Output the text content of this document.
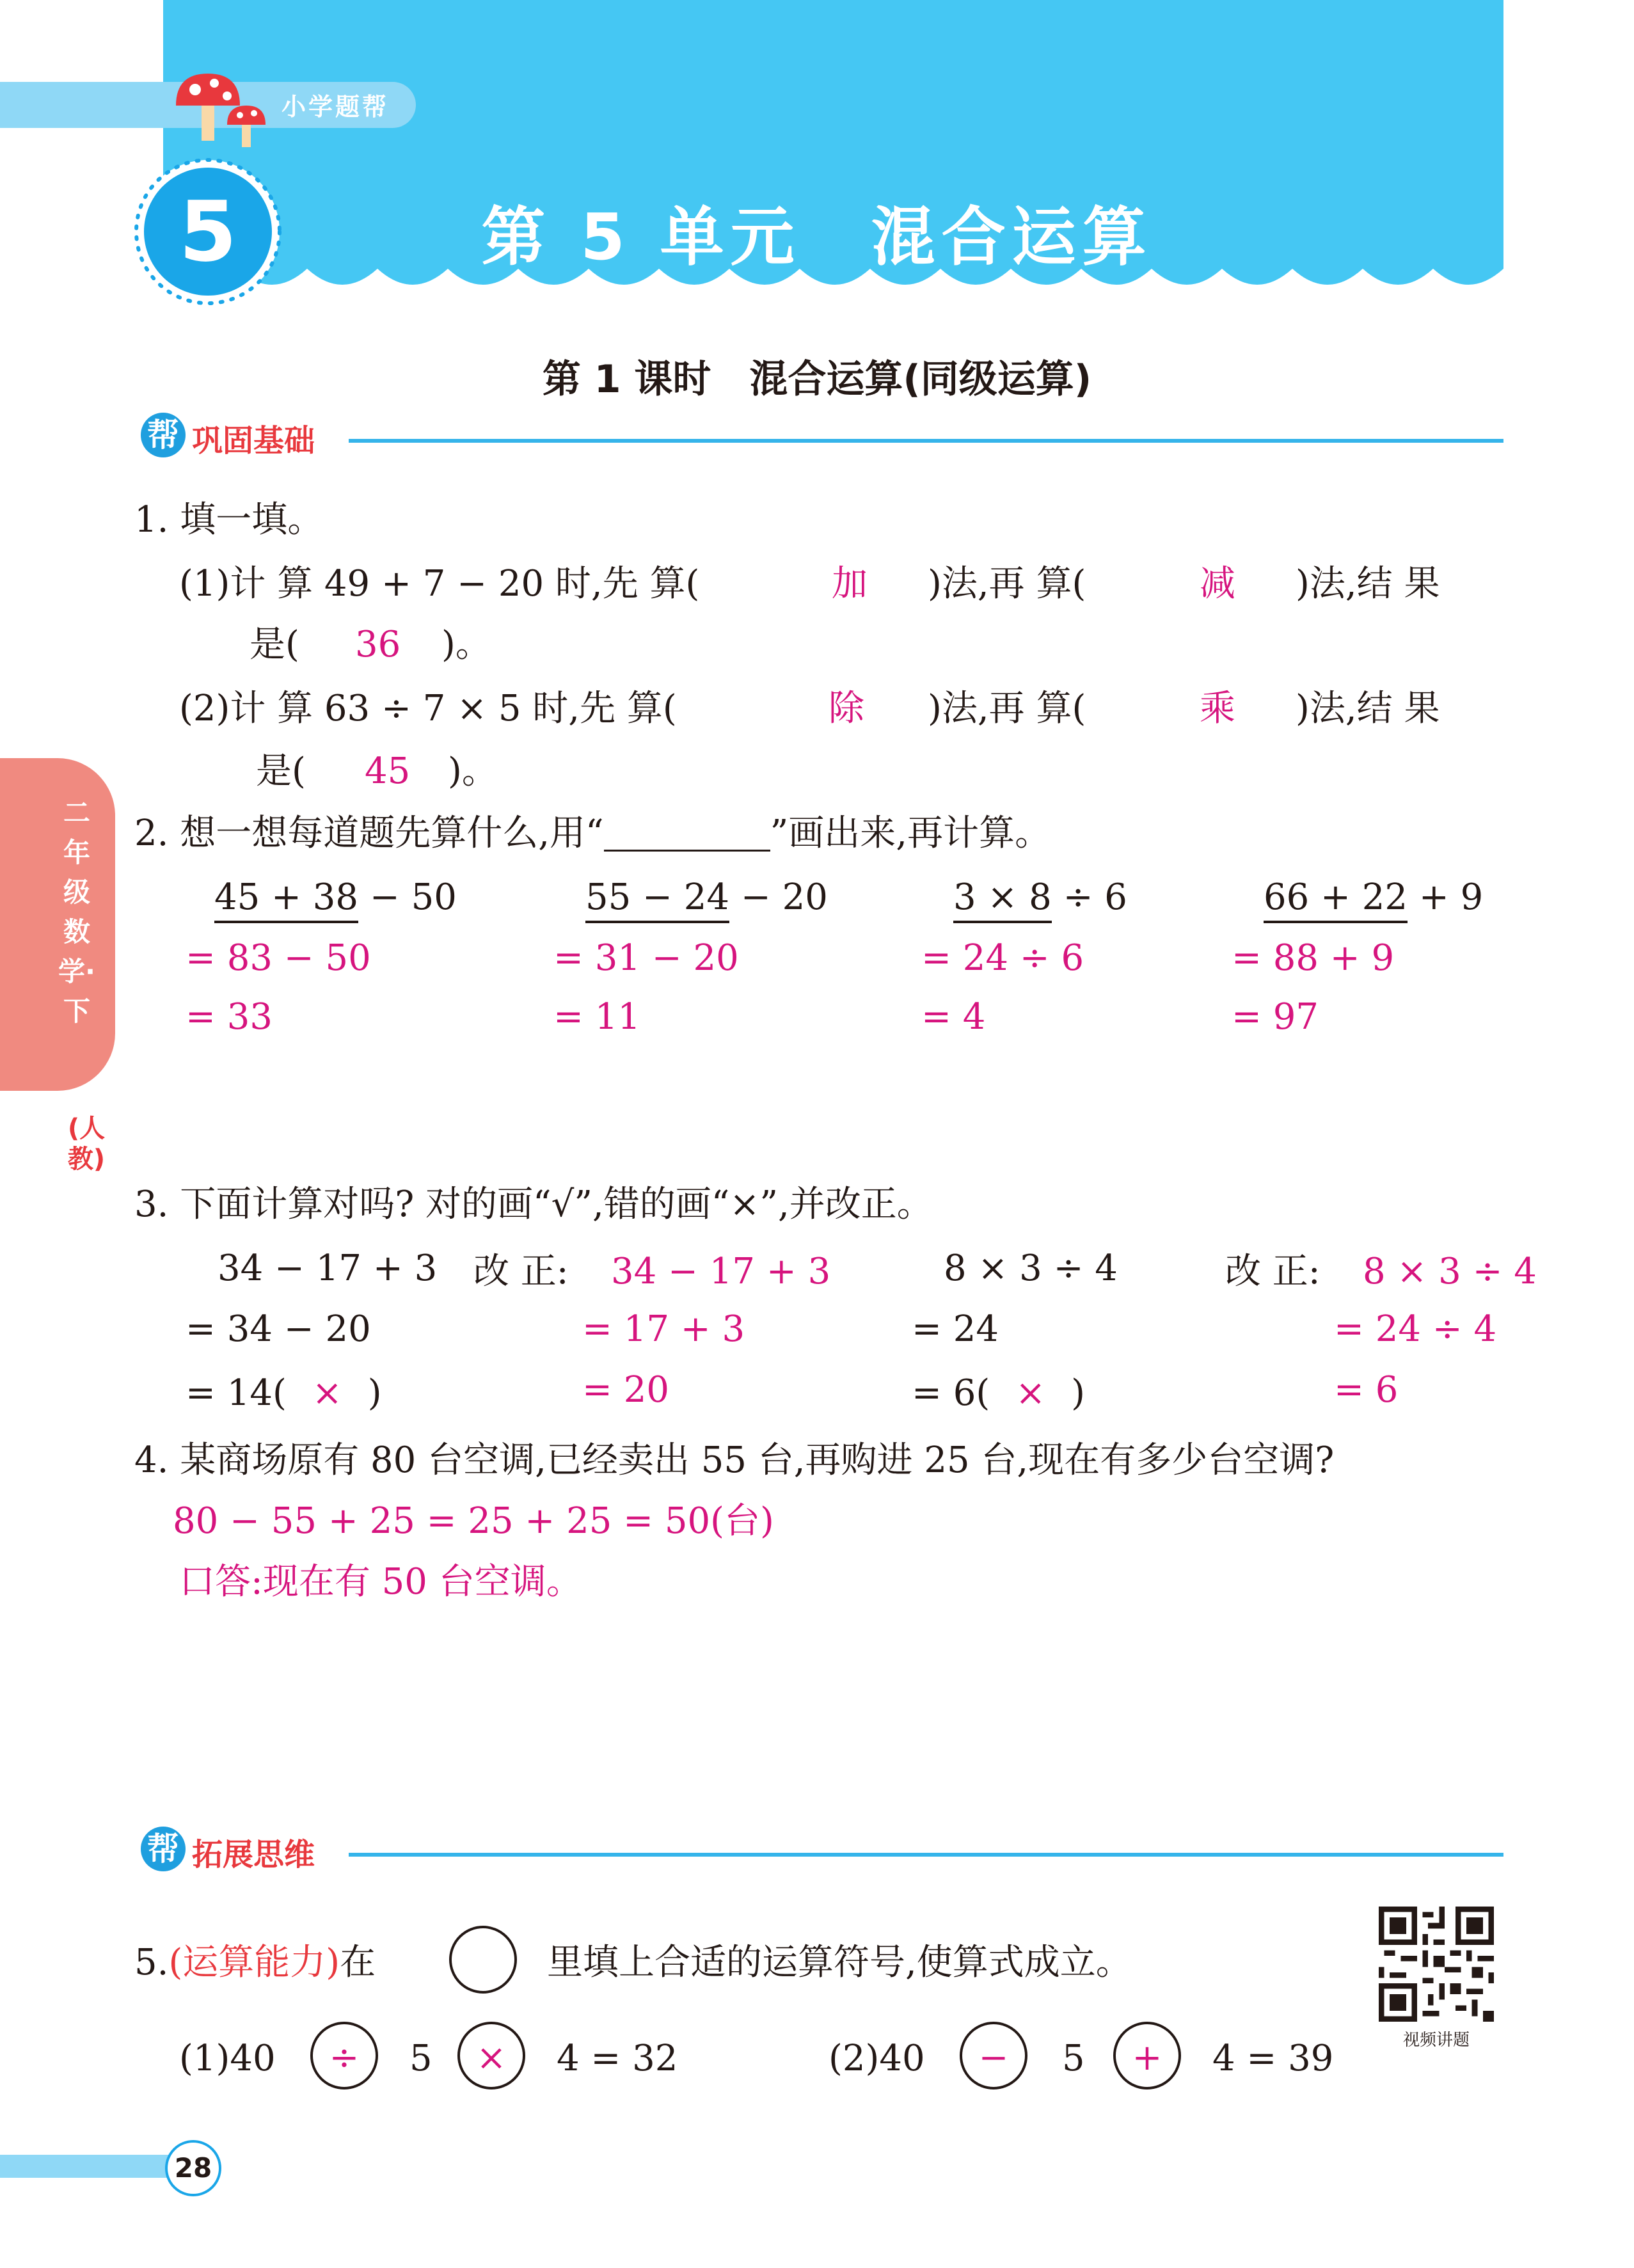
小学题帮
5	第 5 单元　混合运算
第 1 课时　混合运算(同级运算)
帮 巩固基础
二年级数学·下
(人教)
1. 填一填。
(1)计 算 49 + 7 − 20 时,先 算(	加 )法,再 算(	减 )法,结 果
是( 36 )。
(2)计 算 63 ÷ 7 × 5 时,先 算(	除 )法,再 算(	乘 )法,结 果
是( 45 )。
2. 想一想每道题先算什么,用“	”画出来,再计算。
45 + 38 − 50
= 83 − 50
= 33
55 − 24 − 20
= 31 − 20
= 11
3 × 8 ÷ 6
= 24 ÷ 6
= 4
66 + 22 + 9
= 88 + 9
= 97
3. 下面计算对吗? 对的画“√”,错的画“×”,并改正。
34 − 17 + 3
= 34 − 20
= 14( × )
改 正: 34 − 17 + 3
= 17 + 3
= 20
8 × 3 ÷ 4
= 24
= 6( × )
改 正: 8 × 3 ÷ 4
= 24 ÷ 4
= 6
4. 某商场原有 80 台空调,已经卖出 55 台,再购进 25 台,现在有多少台空调?
80 − 55 + 25 = 25 + 25 = 50(台)
口答:现在有 50 台空调。
帮 拓展思维
5.(运算能力)在	里填上合适的运算符号,使算式成立。
(1)40	÷	5	×	4 = 32	(2)40	−	5	+	4 = 39	视频讲题
28
